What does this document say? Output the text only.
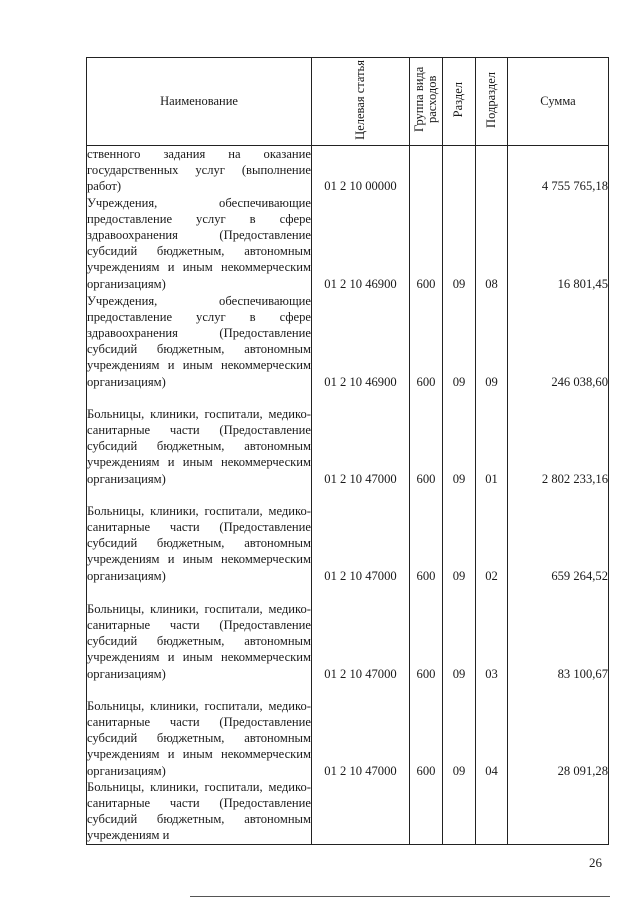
Наименование	Целевая статья	Группа вида расходов	Раздел	Подраздел	Сумма
ственного задания на оказание государственных услуг (выполнение работ)	01 2 10 00000				4 755 765,18
Учреждения, обеспечивающие предоставление услуг в сфере здравоохранения (Предоставление субсидий бюджетным, автономным учреждениям и иным некоммерческим организациям)	01 2 10 46900	600	09	08	16 801,45
Учреждения, обеспечивающие предоставление услуг в сфере здравоохранения (Предоставление субсидий бюджетным, автономным учреждениям и иным некоммерческим организациям)	01 2 10 46900	600	09	09	246 038,60
Больницы, клиники, госпитали, медико-санитарные части (Предоставление субсидий бюджетным, автономным учреждениям и иным некоммерческим организациям)	01 2 10 47000	600	09	01	2 802 233,16
Больницы, клиники, госпитали, медико-санитарные части (Предоставление субсидий бюджетным, автономным учреждениям и иным некоммерческим организациям)	01 2 10 47000	600	09	02	659 264,52
Больницы, клиники, госпитали, медико-санитарные части (Предоставление субсидий бюджетным, автономным учреждениям и иным некоммерческим организациям)	01 2 10 47000	600	09	03	83 100,67
Больницы, клиники, госпитали, медико-санитарные части (Предоставление субсидий бюджетным, автономным учреждениям и иным некоммерческим организациям)	01 2 10 47000	600	09	04	28 091,28
Больницы, клиники, госпитали, медико-санитарные части (Предоставление субсидий бюджетным, автономным учреждениям и					
26
